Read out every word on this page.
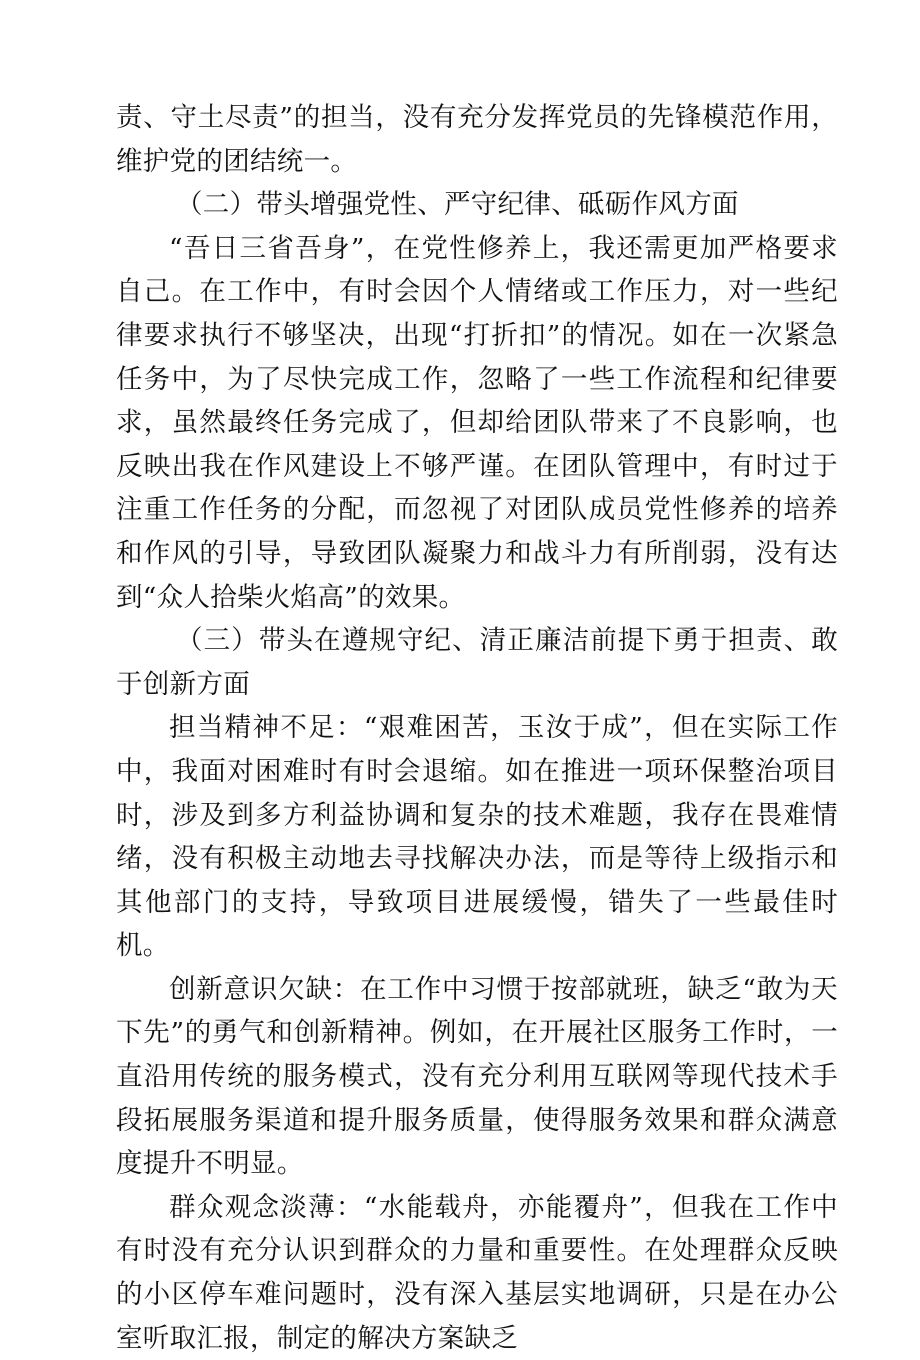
责、守土尽责”的担当，没有充分发挥党员的先锋模范作用，维护党的团结统一。

（二）带头增强党性、严守纪律、砥砺作风方面

“吾日三省吾身”，在党性修养上，我还需更加严格要求自己。在工作中，有时会因个人情绪或工作压力，对一些纪律要求执行不够坚决，出现“打折扣”的情况。如在一次紧急任务中，为了尽快完成工作，忽略了一些工作流程和纪律要求，虽然最终任务完成了，但却给团队带来了不良影响，也反映出我在作风建设上不够严谨。在团队管理中，有时过于注重工作任务的分配，而忽视了对团队成员党性修养的培养和作风的引导，导致团队凝聚力和战斗力有所削弱，没有达到“众人拾柴火焰高”的效果。

（三）带头在遵规守纪、清正廉洁前提下勇于担责、敢于创新方面

担当精神不足：“艰难困苦，玉汝于成”，但在实际工作中，我面对困难时有时会退缩。如在推进一项环保整治项目时，涉及到多方利益协调和复杂的技术难题，我存在畏难情绪，没有积极主动地去寻找解决办法，而是等待上级指示和其他部门的支持，导致项目进展缓慢，错失了一些最佳时机。

创新意识欠缺：在工作中习惯于按部就班，缺乏“敢为天下先”的勇气和创新精神。例如，在开展社区服务工作时，一直沿用传统的服务模式，没有充分利用互联网等现代技术手段拓展服务渠道和提升服务质量，使得服务效果和群众满意度提升不明显。

群众观念淡薄：“水能载舟，亦能覆舟”，但我在工作中有时没有充分认识到群众的力量和重要性。在处理群众反映的小区停车难问题时，没有深入基层实地调研，只是在办公室听取汇报，制定的解决方案缺乏
